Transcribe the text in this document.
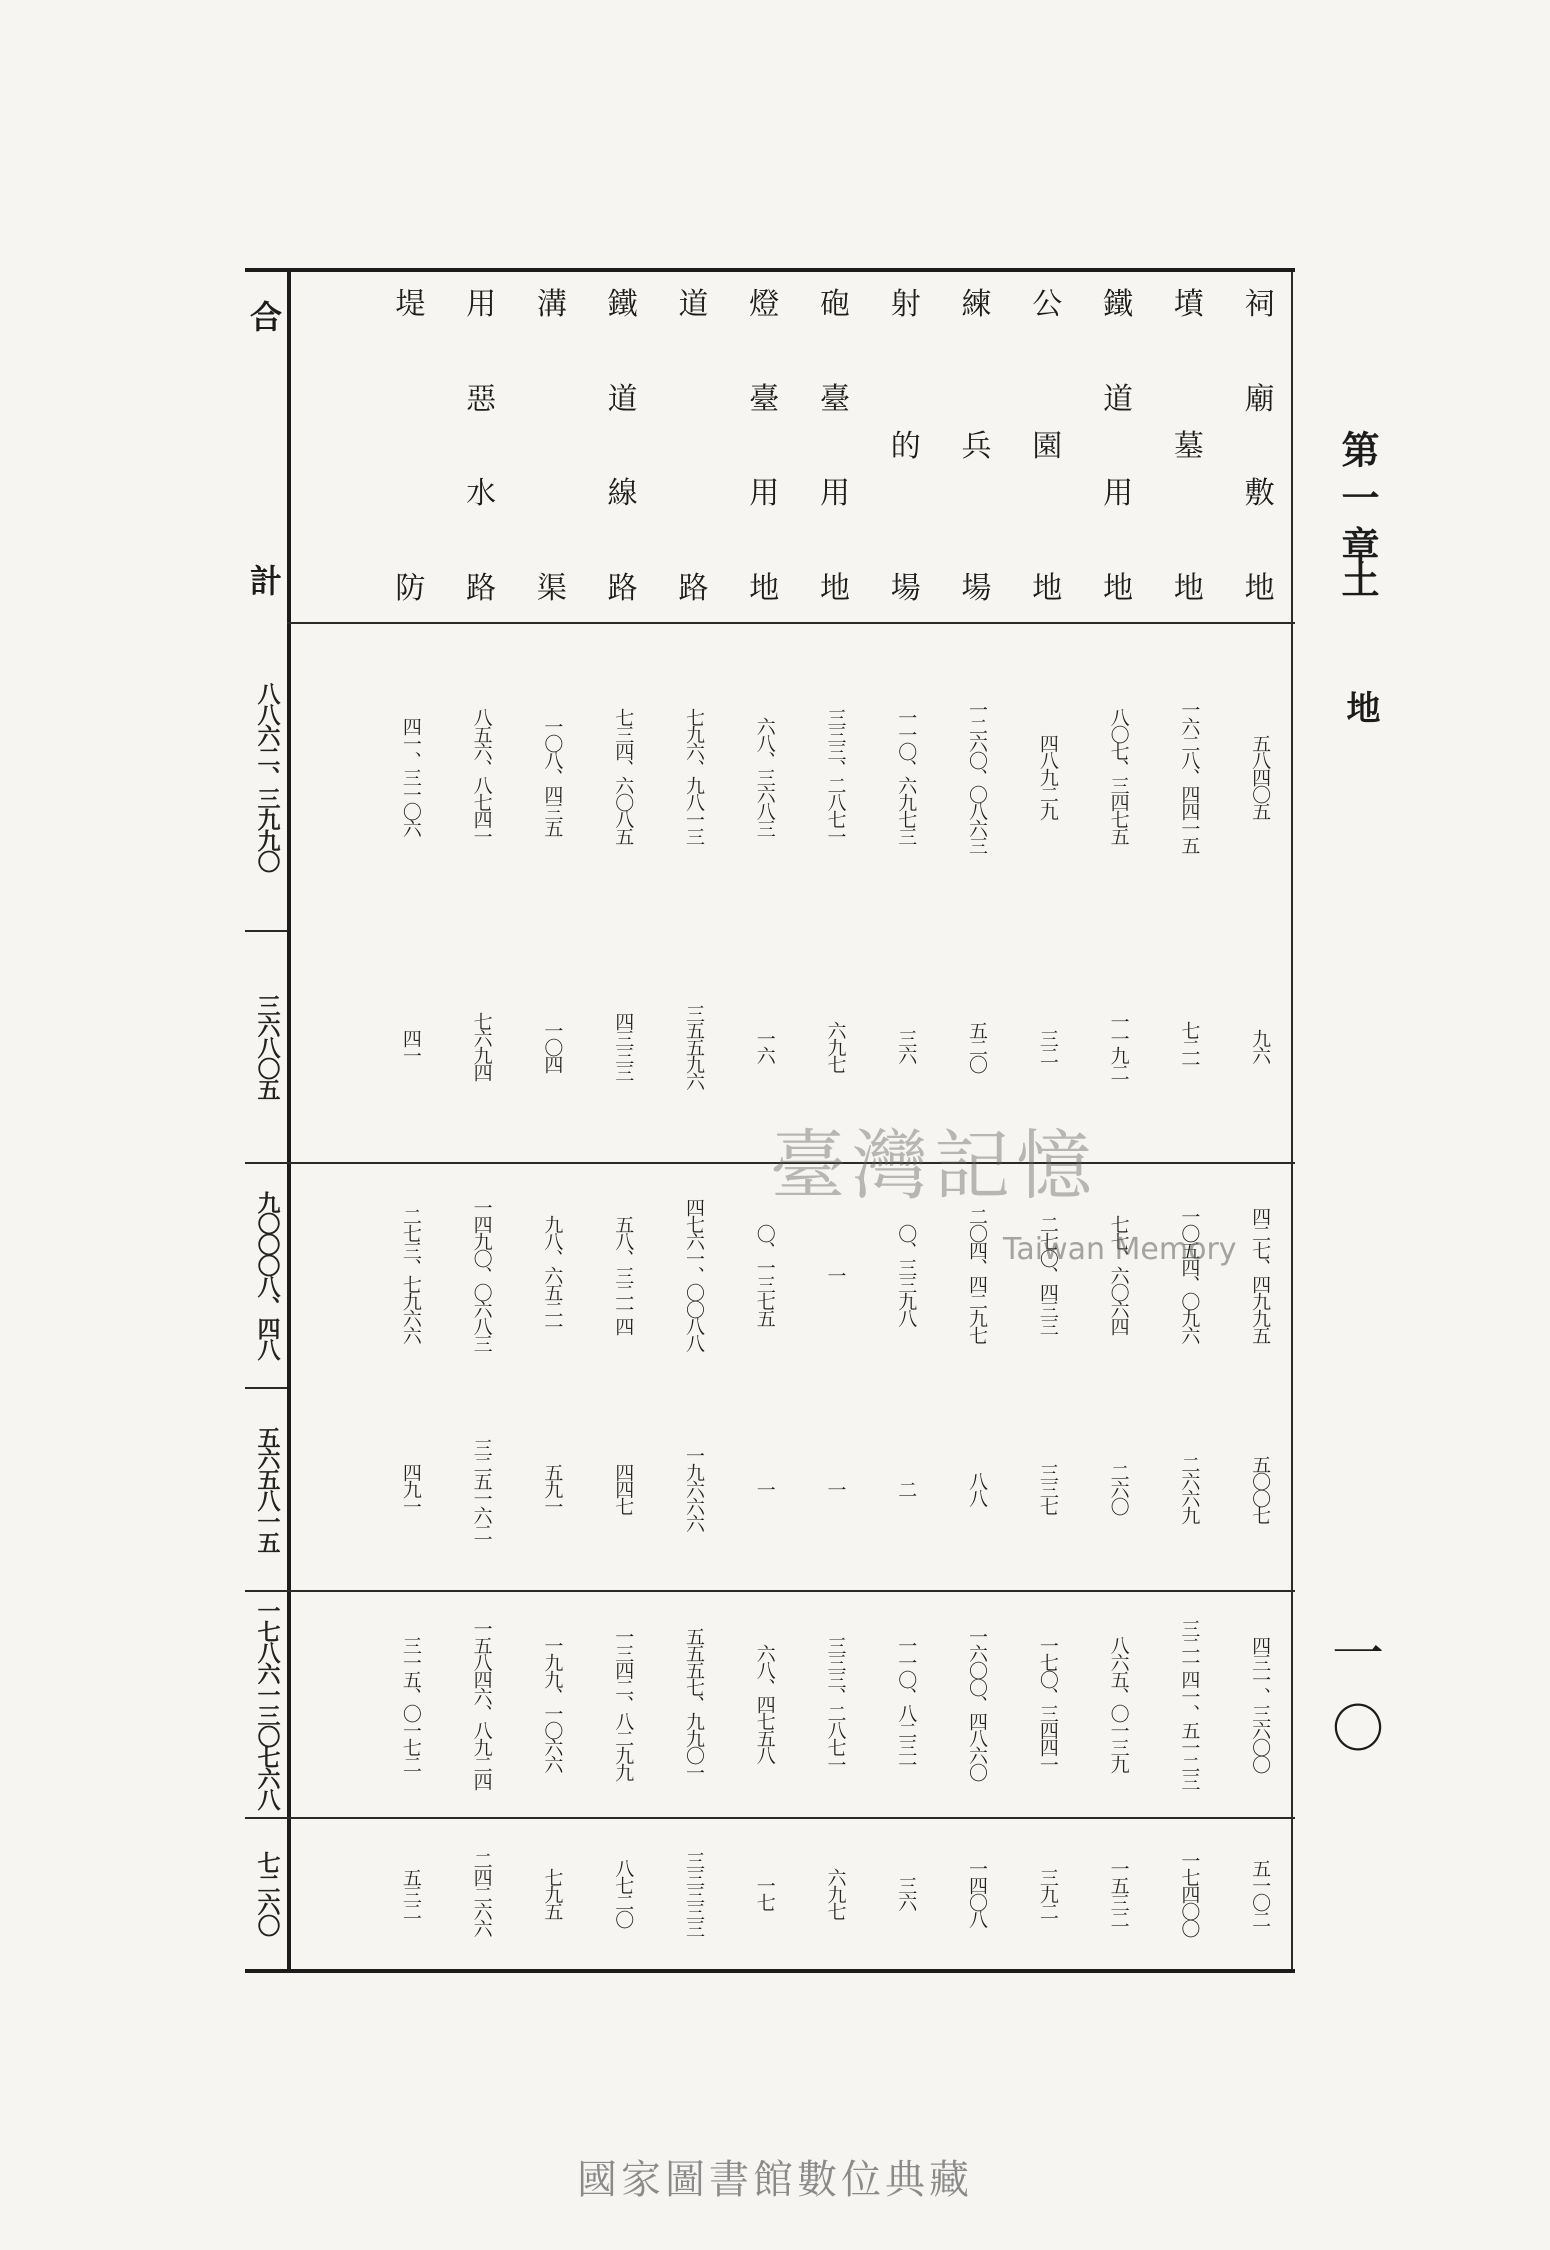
第一章
土
地
一〇
合
計
祠
廟
敷
地
五八四〇五
九六
四二七、四九九五
五〇〇七
四三一、三六〇〇
五一〇二
墳
墓
地
一六二八、四四一五
七二一
一〇五四、〇九六
二六六九
三二一四一、五一二三
一七四〇〇
鐵
道
用
地
八〇七、三四七五
一一九二
七七、六〇六四
二六〇
八六五、〇一三九
一五三二
公
園
地
四八九二九
三二
二七〇、四三三
三三七
一七〇、三四四一
三九二
練
兵
場
一二六〇、〇八六三
五二〇
二〇四、四二九七
八八
一六〇〇、四八六〇
一四〇八
射
的
場
一一〇、六九七三
三六
〇、三三九八
二
一一〇、八二三一
三六
砲
臺
用
地
三三三、二八七一
六九七
一
一
三三三、二八七一
六九七
燈
臺
用
地
六八、三六八三
一六
〇、一三七五
一
六八、四七五八
一七
道
路
七九六、九八一三
三五五九六
四七六一、〇〇八八
一九六六六
五五五七、九九〇一
三三三三三
鐵
道
線
路
七三四、六〇八五
四三三三
五八、三二一四
四四七
一三四二、八二九九
八七二〇
溝
渠
一〇八、四三五
一〇四
九八、六五二一
五九一
一九九、一〇六六
七九五
用
惡
水
路
八五六、八七四一
七六九四
一四九〇、〇六八三
三二五一六二
一五八四六、八九二四
二四二六六
堤
防
四一、三一〇六
四一
二七三、七九六六
四九一
三一五、〇一七二
五三二
八八六二、三九九〇
三六八〇五
九〇〇〇八、四八
五六五八一五
一七八六一三〇七六八
七二六〇
臺灣記憶
Taiwan Memory
國家圖書館數位典藏
